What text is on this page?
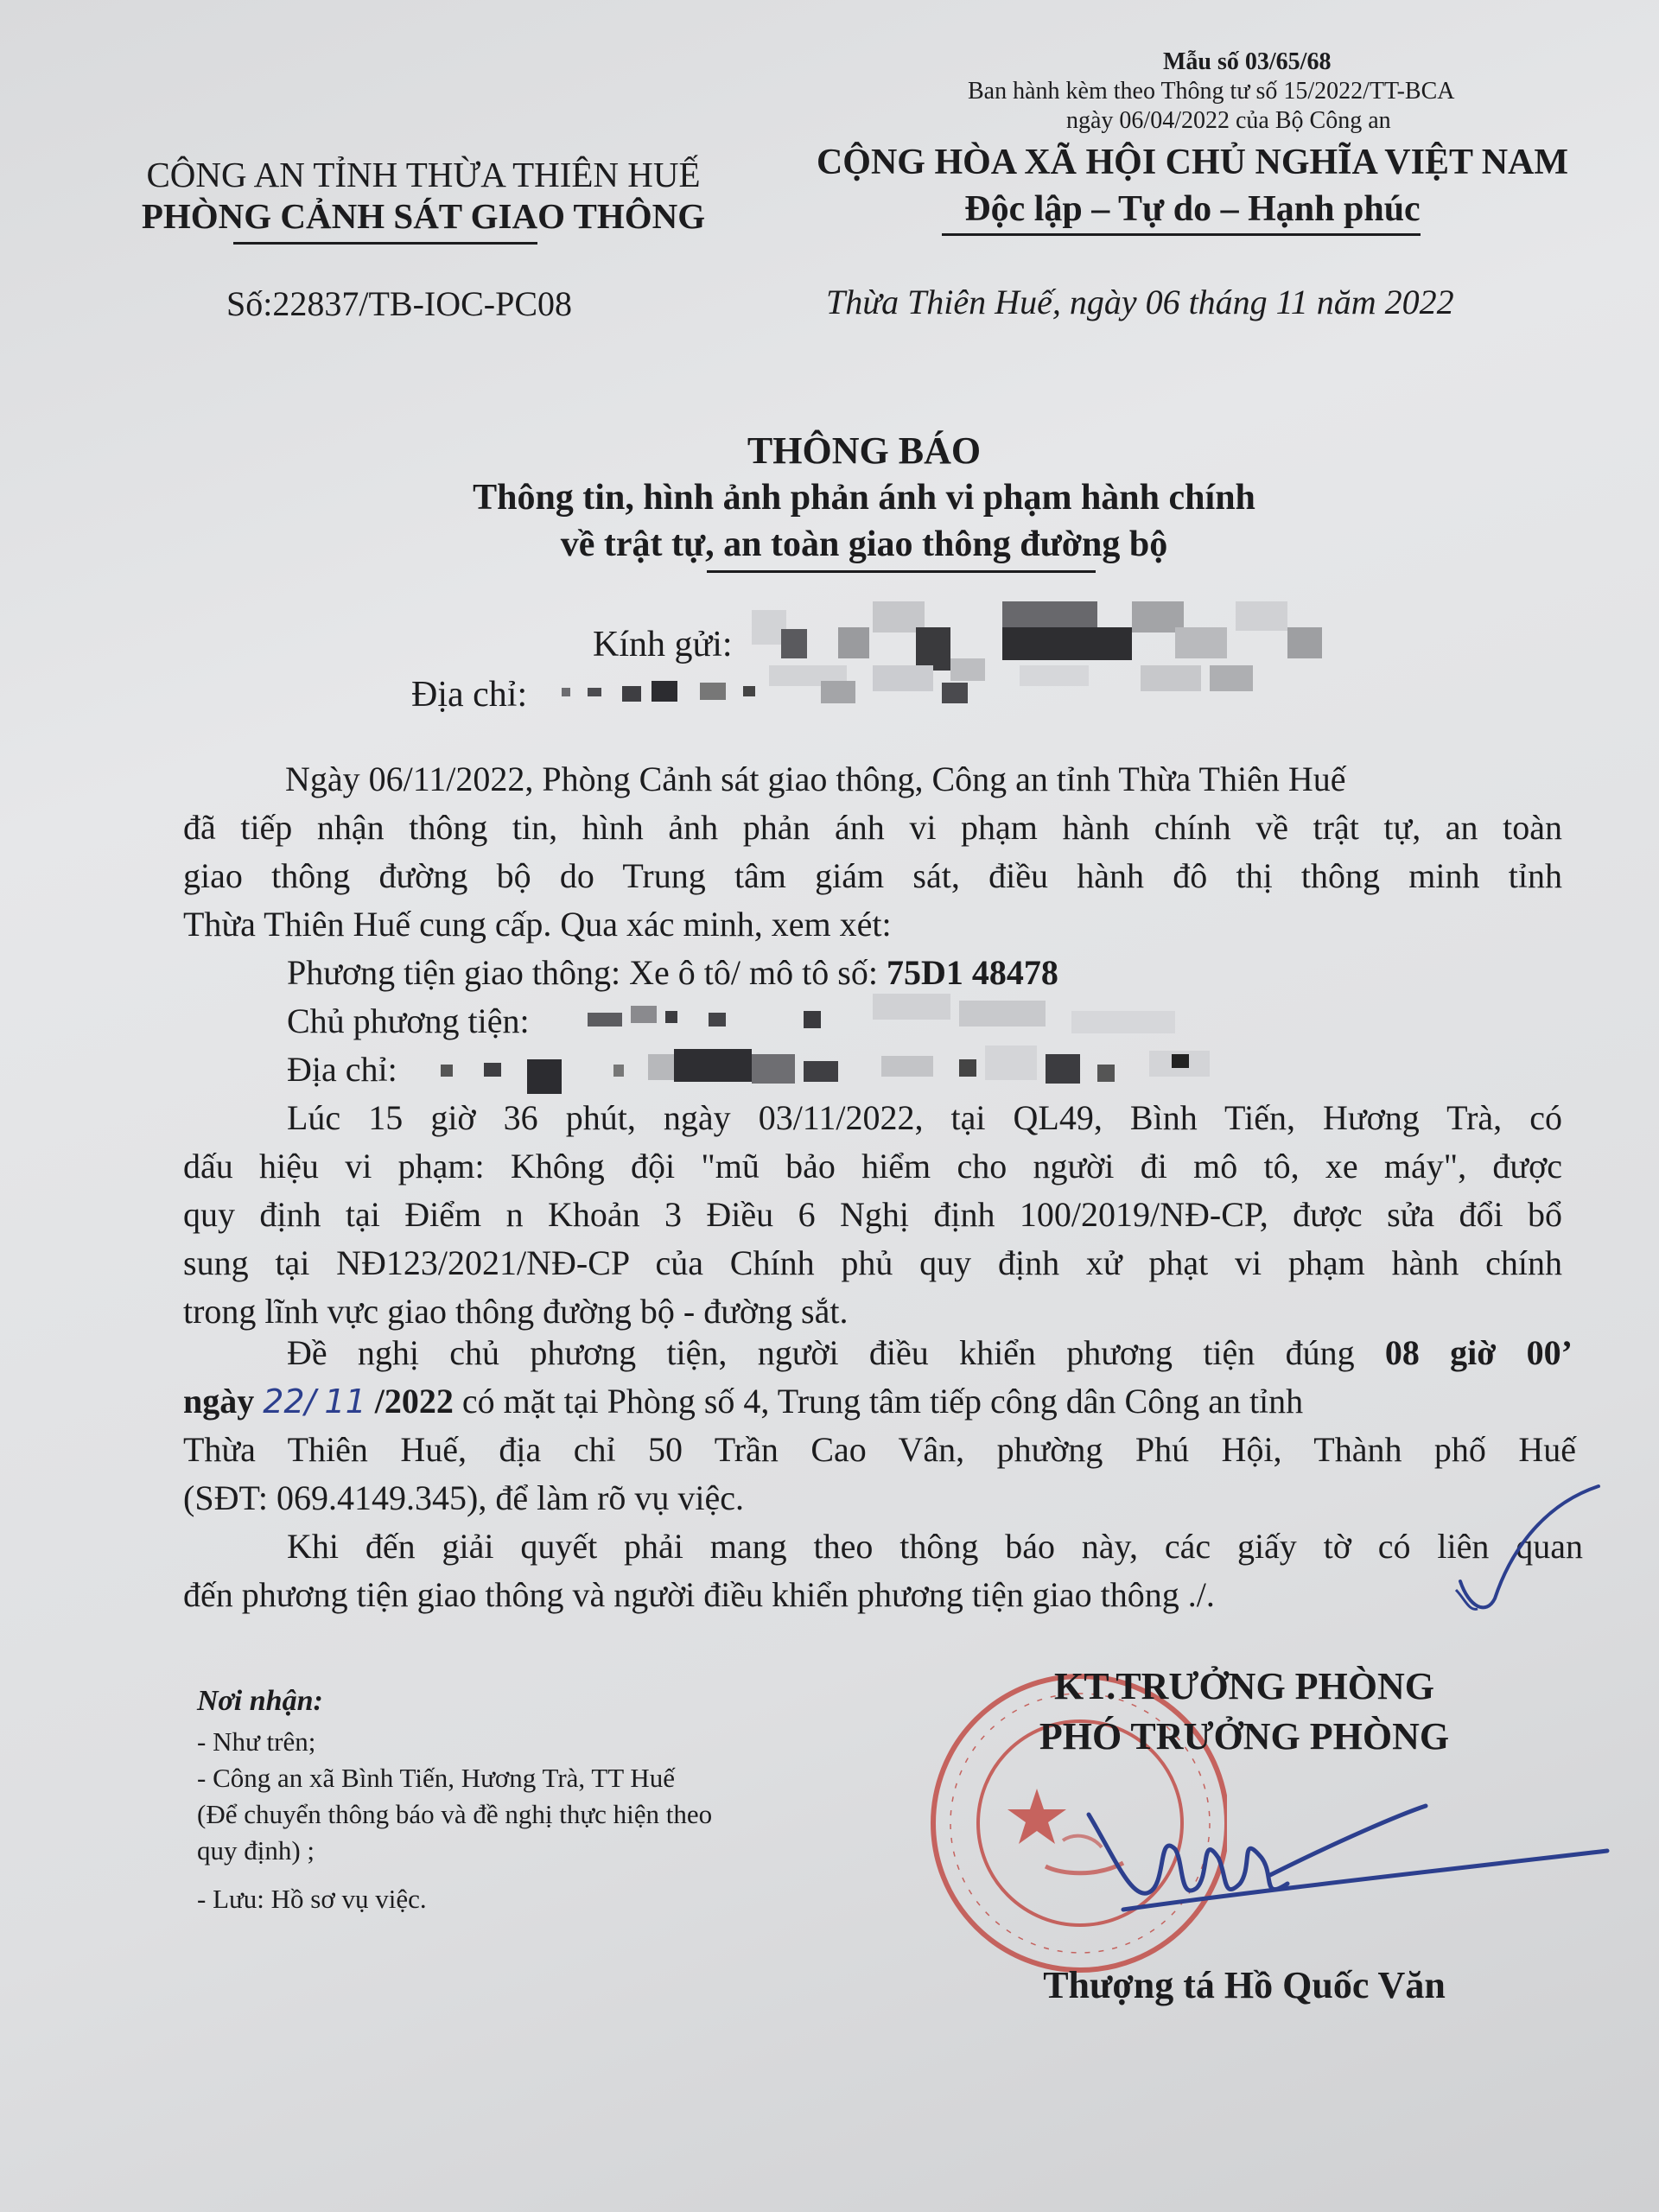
Mẫu số 03/65/68
Ban hành kèm theo Thông tư số 15/2022/TT-BCA
ngày 06/04/2022 của Bộ Công an
CÔNG AN TỈNH THỪA THIÊN HUẾ
PHÒNG CẢNH SÁT GIAO THÔNG
Số:22837/TB-IOC-PC08
CỘNG HÒA XÃ HỘI CHỦ NGHĨA VIỆT NAM
Độc lập – Tự do – Hạnh phúc
Thừa Thiên Huế, ngày 06 tháng 11 năm 2022
THÔNG BÁO
Thông tin, hình ảnh phản ánh vi phạm hành chính
về trật tự, an toàn giao thông đường bộ
Kính gửi:
Địa chỉ:
Ngày 06/11/2022, Phòng Cảnh sát giao thông, Công an tỉnh Thừa Thiên Huế
đã tiếp nhận thông tin, hình ảnh phản ánh vi phạm hành chính về trật tự, an toàn
giao thông đường bộ do Trung tâm giám sát, điều hành đô thị thông minh tỉnh
Thừa Thiên Huế cung cấp. Qua xác minh, xem xét:
Phương tiện giao thông: Xe ô tô/ mô tô số: 75D1 48478
Chủ phương tiện:
Địa chỉ:
Lúc 15 giờ 36 phút, ngày 03/11/2022, tại QL49, Bình Tiến, Hương Trà, có
dấu hiệu vi phạm: Không đội "mũ bảo hiểm cho người đi mô tô, xe máy", được
quy định tại Điểm n Khoản 3 Điều 6 Nghị định 100/2019/NĐ-CP, được sửa đổi bổ
sung tại NĐ123/2021/NĐ-CP của Chính phủ quy định xử phạt vi phạm hành chính
trong lĩnh vực giao thông đường bộ - đường sắt.
Đề nghị chủ phương tiện, người điều khiển phương tiện đúng 08 giờ 00’
ngày 22/ 11 /2022 có mặt tại Phòng số 4, Trung tâm tiếp công dân Công an tỉnh
Thừa Thiên Huế, địa chỉ 50 Trần Cao Vân, phường Phú Hội, Thành phố Huế
(SĐT: 069.4149.345), để làm rõ vụ việc.
Khi đến giải quyết phải mang theo thông báo này, các giấy tờ có liên quan
đến phương tiện giao thông và người điều khiển phương tiện giao thông ./.
Nơi nhận:
- Như trên;
- Công an xã Bình Tiến, Hương Trà, TT Huế
(Để chuyển thông báo và đề nghị thực hiện theo
quy định) ;
- Lưu: Hồ sơ vụ việc.
KT.TRƯỞNG PHÒNG
PHÓ TRƯỞNG PHÒNG
Thượng tá Hồ Quốc Văn
